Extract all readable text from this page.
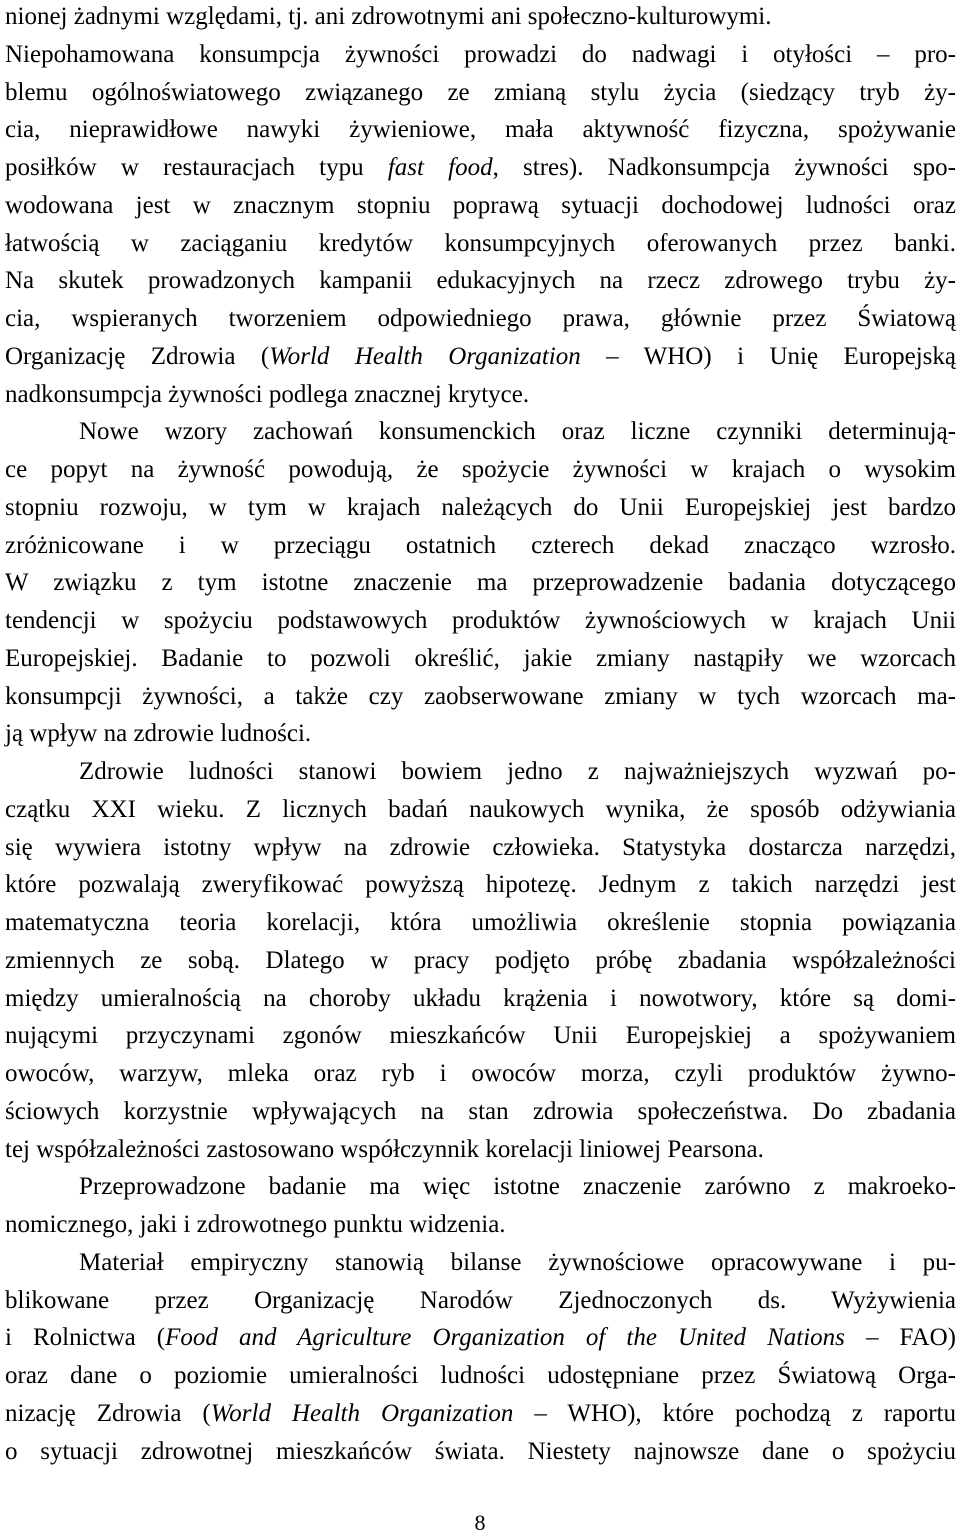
nionej żadnymi względami, tj. ani zdrowotnymi ani społeczno-kulturowymi.
Niepohamowana konsumpcja żywności prowadzi do nadwagi i otyłości – pro-
blemu ogólnoświatowego związanego ze zmianą stylu życia (siedzący tryb ży-
cia, nieprawidłowe nawyki żywieniowe, mała aktywność fizyczna, spożywanie
posiłków w restauracjach typu fast food, stres). Nadkonsumpcja żywności spo-
wodowana jest w znacznym stopniu poprawą sytuacji dochodowej ludności oraz
łatwością w zaciąganiu kredytów konsumpcyjnych oferowanych przez banki.
Na skutek prowadzonych kampanii edukacyjnych na rzecz zdrowego trybu ży-
cia, wspieranych tworzeniem odpowiedniego prawa, głównie przez Światową
Organizację Zdrowia (World Health Organization – WHO) i Unię Europejską
nadkonsumpcja żywności podlega znacznej krytyce.
Nowe wzory zachowań konsumenckich oraz liczne czynniki determinują-
ce popyt na żywność powodują, że spożycie żywności w krajach o wysokim
stopniu rozwoju, w tym w krajach należących do Unii Europejskiej jest bardzo
zróżnicowane i w przeciągu ostatnich czterech dekad znacząco wzrosło.
W związku z tym istotne znaczenie ma przeprowadzenie badania dotyczącego
tendencji w spożyciu podstawowych produktów żywnościowych w krajach Unii
Europejskiej. Badanie to pozwoli określić, jakie zmiany nastąpiły we wzorcach
konsumpcji żywności, a także czy zaobserwowane zmiany w tych wzorcach ma-
ją wpływ na zdrowie ludności.
Zdrowie ludności stanowi bowiem jedno z najważniejszych wyzwań po-
czątku XXI wieku. Z licznych badań naukowych wynika, że sposób odżywiania
się wywiera istotny wpływ na zdrowie człowieka. Statystyka dostarcza narzędzi,
które pozwalają zweryfikować powyższą hipotezę. Jednym z takich narzędzi jest
matematyczna teoria korelacji, która umożliwia określenie stopnia powiązania
zmiennych ze sobą. Dlatego w pracy podjęto próbę zbadania współzależności
między umieralnością na choroby układu krążenia i nowotwory, które są domi-
nującymi przyczynami zgonów mieszkańców Unii Europejskiej a spożywaniem
owoców, warzyw, mleka oraz ryb i owoców morza, czyli produktów żywno-
ściowych korzystnie wpływających na stan zdrowia społeczeństwa. Do zbadania
tej współzależności zastosowano współczynnik korelacji liniowej Pearsona.
Przeprowadzone badanie ma więc istotne znaczenie zarówno z makroeko-
nomicznego, jaki i zdrowotnego punktu widzenia.
Materiał empiryczny stanowią bilanse żywnościowe opracowywane i pu-
blikowane przez Organizację Narodów Zjednoczonych ds. Wyżywienia
i Rolnictwa (Food and Agriculture Organization of the United Nations – FAO)
oraz dane o poziomie umieralności ludności udostępniane przez Światową Orga-
nizację Zdrowia (World Health Organization – WHO), które pochodzą z raportu
o sytuacji zdrowotnej mieszkańców świata. Niestety najnowsze dane o spożyciu
8
